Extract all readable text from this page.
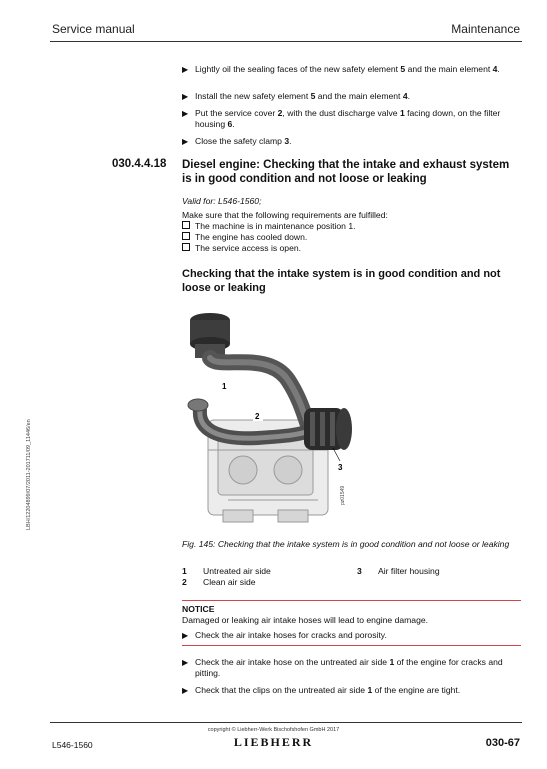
Service manual	Maintenance
▶ Lightly oil the sealing faces of the new safety element 5 and the main element 4.
▶ Install the new safety element 5 and the main element 4.
▶ Put the service cover 2, with the dust discharge valve 1 facing down, on the filter housing 6.
▶ Close the safety clamp 3.
030.4.4.18 Diesel engine: Checking that the intake and exhaust system is in good condition and not loose or leaking
Valid for: L546-1560;
Make sure that the following requirements are fulfilled:
The machine is in maintenance position 1.
The engine has cooled down.
The service access is open.
Checking that the intake system is in good condition and not loose or leaking
1
2
3
pz01549
Fig. 145: Checking that the intake system is in good condition and not loose or leaking
1 Untreated air side
2 Clean air side
3 Air filter housing
NOTICE
Damaged or leaking air intake hoses will lead to engine damage.
▶ Check the air intake hoses for cracks and porosity.
▶ Check the air intake hose on the untreated air side 1 of the engine for cracks and pitting.
▶ Check that the clips on the untreated air side 1 of the engine are tight.
LBH/12204899/07/2011-201711/09_11446/en
copyright © Liebherr-Werk Bischofshofen GmbH 2017
LIEBHERR
L546-1560	030-67
